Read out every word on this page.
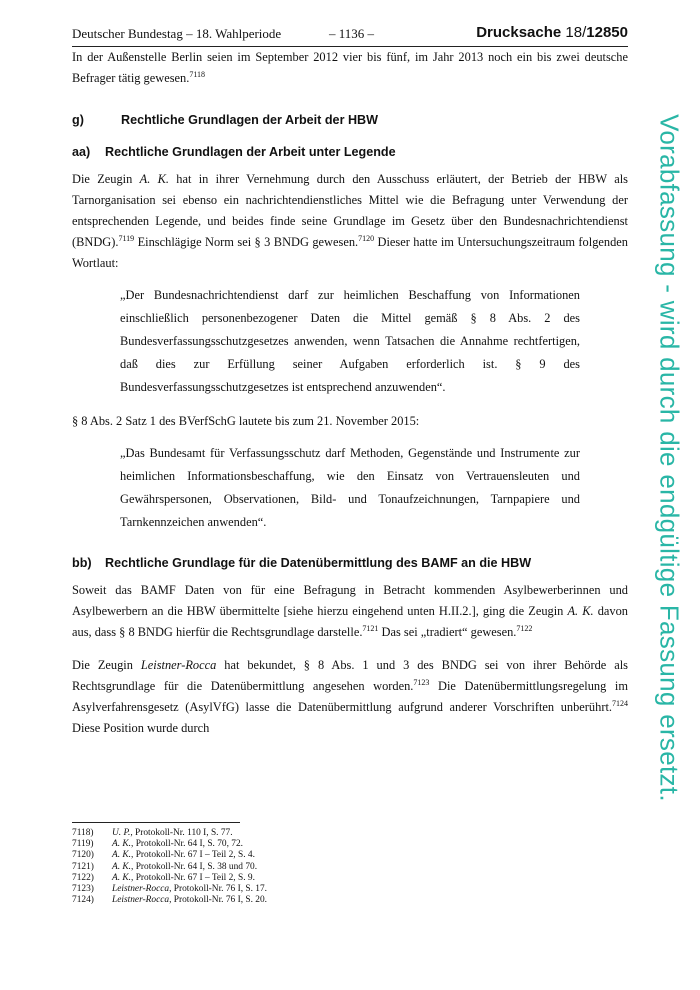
Deutscher Bundestag – 18. Wahlperiode	– 1136 –	Drucksache 18/12850

In der Außenstelle Berlin seien im September 2012 vier bis fünf, im Jahr 2013 noch ein bis zwei deutsche Befrager tätig gewesen.$^{7118}$

g)	Rechtliche Grundlagen der Arbeit der HBW
aa)	Rechtliche Grundlagen der Arbeit unter Legende

Die Zeugin A. K. hat in ihrer Vernehmung durch den Ausschuss erläutert, der Betrieb der HBW als Tarnorganisation sei ebenso ein nachrichtendienstliches Mittel wie die Befragung unter Verwendung der entsprechenden Legende, und beides finde seine Grundlage im Gesetz über den Bundesnachrichtendienst (BNDG).$^{7119}$ Einschlägige Norm sei § 3 BNDG gewesen.$^{7120}$ Dieser hatte im Untersuchungszeitraum folgenden Wortlaut:

„Der Bundesnachrichtendienst darf zur heimlichen Beschaffung von Informationen einschließlich personenbezogener Daten die Mittel gemäß § 8 Abs. 2 des Bundesverfassungsschutzgesetzes anwenden, wenn Tatsachen die Annahme rechtfertigen, daß dies zur Erfüllung seiner Aufgaben erforderlich ist. § 9 des Bundesverfassungsschutzgesetzes ist entsprechend anzuwenden“.

§ 8 Abs. 2 Satz 1 des BVerfSchG lautete bis zum 21. November 2015:

„Das Bundesamt für Verfassungsschutz darf Methoden, Gegenstände und Instrumente zur heimlichen Informationsbeschaffung, wie den Einsatz von Vertrauensleuten und Gewährspersonen, Observationen, Bild- und Tonaufzeichnungen, Tarnpapiere und Tarnkennzeichen anwenden“.
bb)	Rechtliche Grundlage für die Datenübermittlung des BAMF an die HBW

Soweit das BAMF Daten von für eine Befragung in Betracht kommenden Asylbewerberinnen und Asylbewerbern an die HBW übermittelte [siehe hierzu eingehend unten H.II.2.], ging die Zeugin A. K. davon aus, dass § 8 BNDG hierfür die Rechtsgrundlage darstelle.$^{7121}$ Das sei „tradiert“ gewesen.$^{7122}$

Die Zeugin Leistner-Rocca hat bekundet, § 8 Abs. 1 und 3 des BNDG sei von ihrer Behörde als Rechtsgrundlage für die Datenübermittlung angesehen worden.$^{7123}$ Die Datenübermittlungsregelung im Asylverfahrensgesetz (AsylVfG) lasse die Datenübermittlung aufgrund anderer Vorschriften unberührt.$^{7124}$ Diese Position wurde durch

7118)	U. P., Protokoll-Nr. 110 I, S. 77.
7119)	A. K., Protokoll-Nr. 64 I, S. 70, 72.
7120)	A. K., Protokoll-Nr. 67 I – Teil 2, S. 4.
7121)	A. K., Protokoll-Nr. 64 I, S. 38 und 70.
7122)	A. K., Protokoll-Nr. 67 I – Teil 2, S. 9.
7123)	Leistner-Rocca, Protokoll-Nr. 76 I, S. 17.
7124)	Leistner-Rocca, Protokoll-Nr. 76 I, S. 20.
Vorabfassung - wird durch die endgültige Fassung ersetzt.
